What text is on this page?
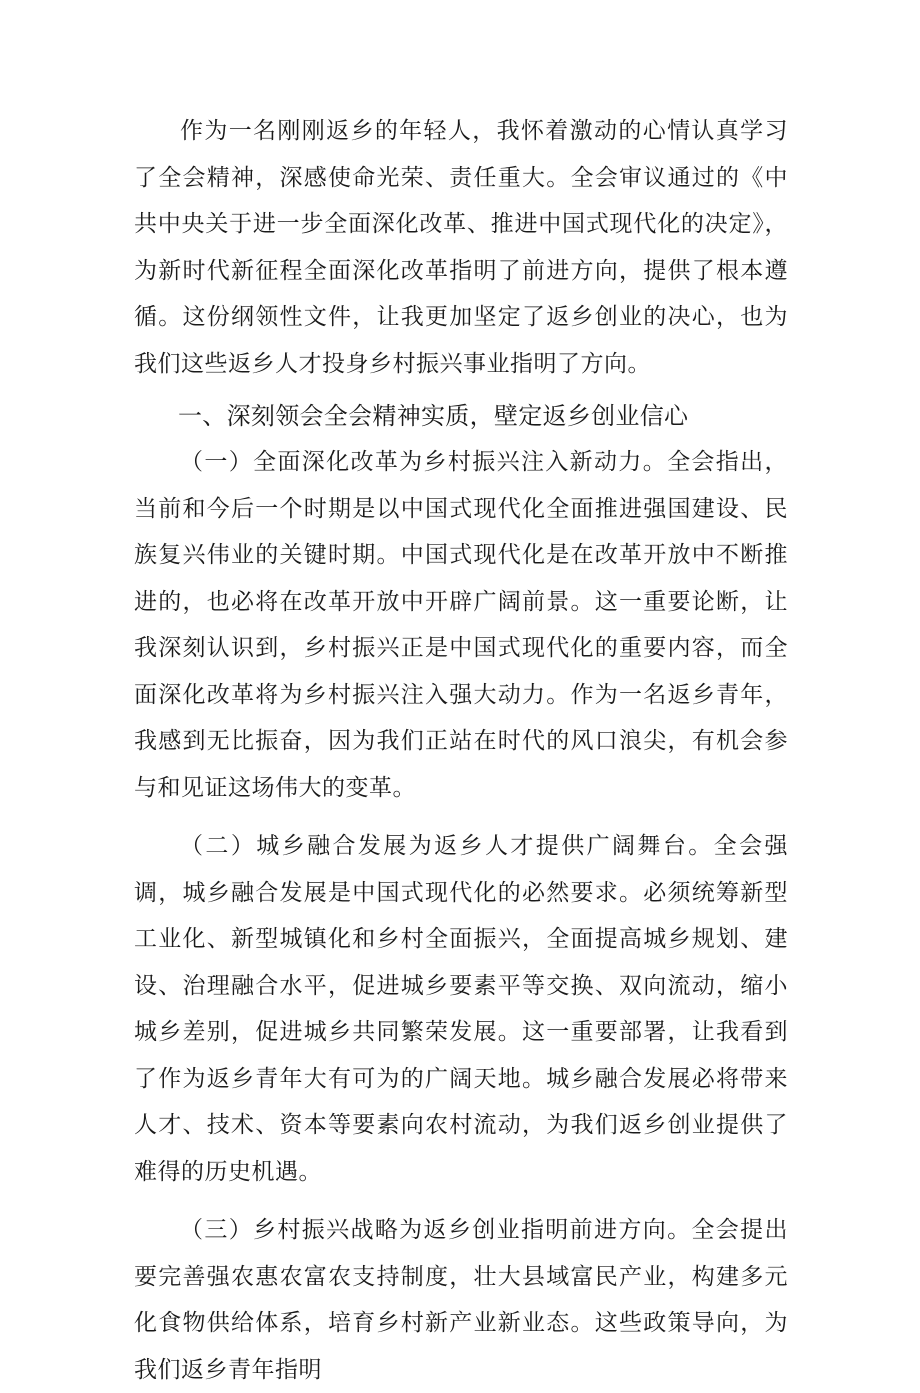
作为一名刚刚返乡的年轻人，我怀着激动的心情认真学习了全会精神，深感使命光荣、责任重大。全会审议通过的《中共中央关于进一步全面深化改革、推进中国式现代化的决定》，为新时代新征程全面深化改革指明了前进方向，提供了根本遵循。这份纲领性文件，让我更加坚定了返乡创业的决心，也为我们这些返乡人才投身乡村振兴事业指明了方向。

一、深刻领会全会精神实质，壁定返乡创业信心

（一）全面深化改革为乡村振兴注入新动力。全会指出，当前和今后一个时期是以中国式现代化全面推进强国建设、民族复兴伟业的关键时期。中国式现代化是在改革开放中不断推进的，也必将在改革开放中开辟广阔前景。这一重要论断，让我深刻认识到，乡村振兴正是中国式现代化的重要内容，而全面深化改革将为乡村振兴注入强大动力。作为一名返乡青年，我感到无比振奋，因为我们正站在时代的风口浪尖，有机会参与和见证这场伟大的变革。

（二）城乡融合发展为返乡人才提供广阔舞台。全会强调，城乡融合发展是中国式现代化的必然要求。必须统筹新型工业化、新型城镇化和乡村全面振兴，全面提高城乡规划、建设、治理融合水平，促进城乡要素平等交换、双向流动，缩小城乡差别，促进城乡共同繁荣发展。这一重要部署，让我看到了作为返乡青年大有可为的广阔天地。城乡融合发展必将带来人才、技术、资本等要素向农村流动，为我们返乡创业提供了难得的历史机遇。

（三）乡村振兴战略为返乡创业指明前进方向。全会提出要完善强农惠农富农支持制度，壮大县域富民产业，构建多元化食物供给体系，培育乡村新产业新业态。这些政策导向，为我们返乡青年指明
